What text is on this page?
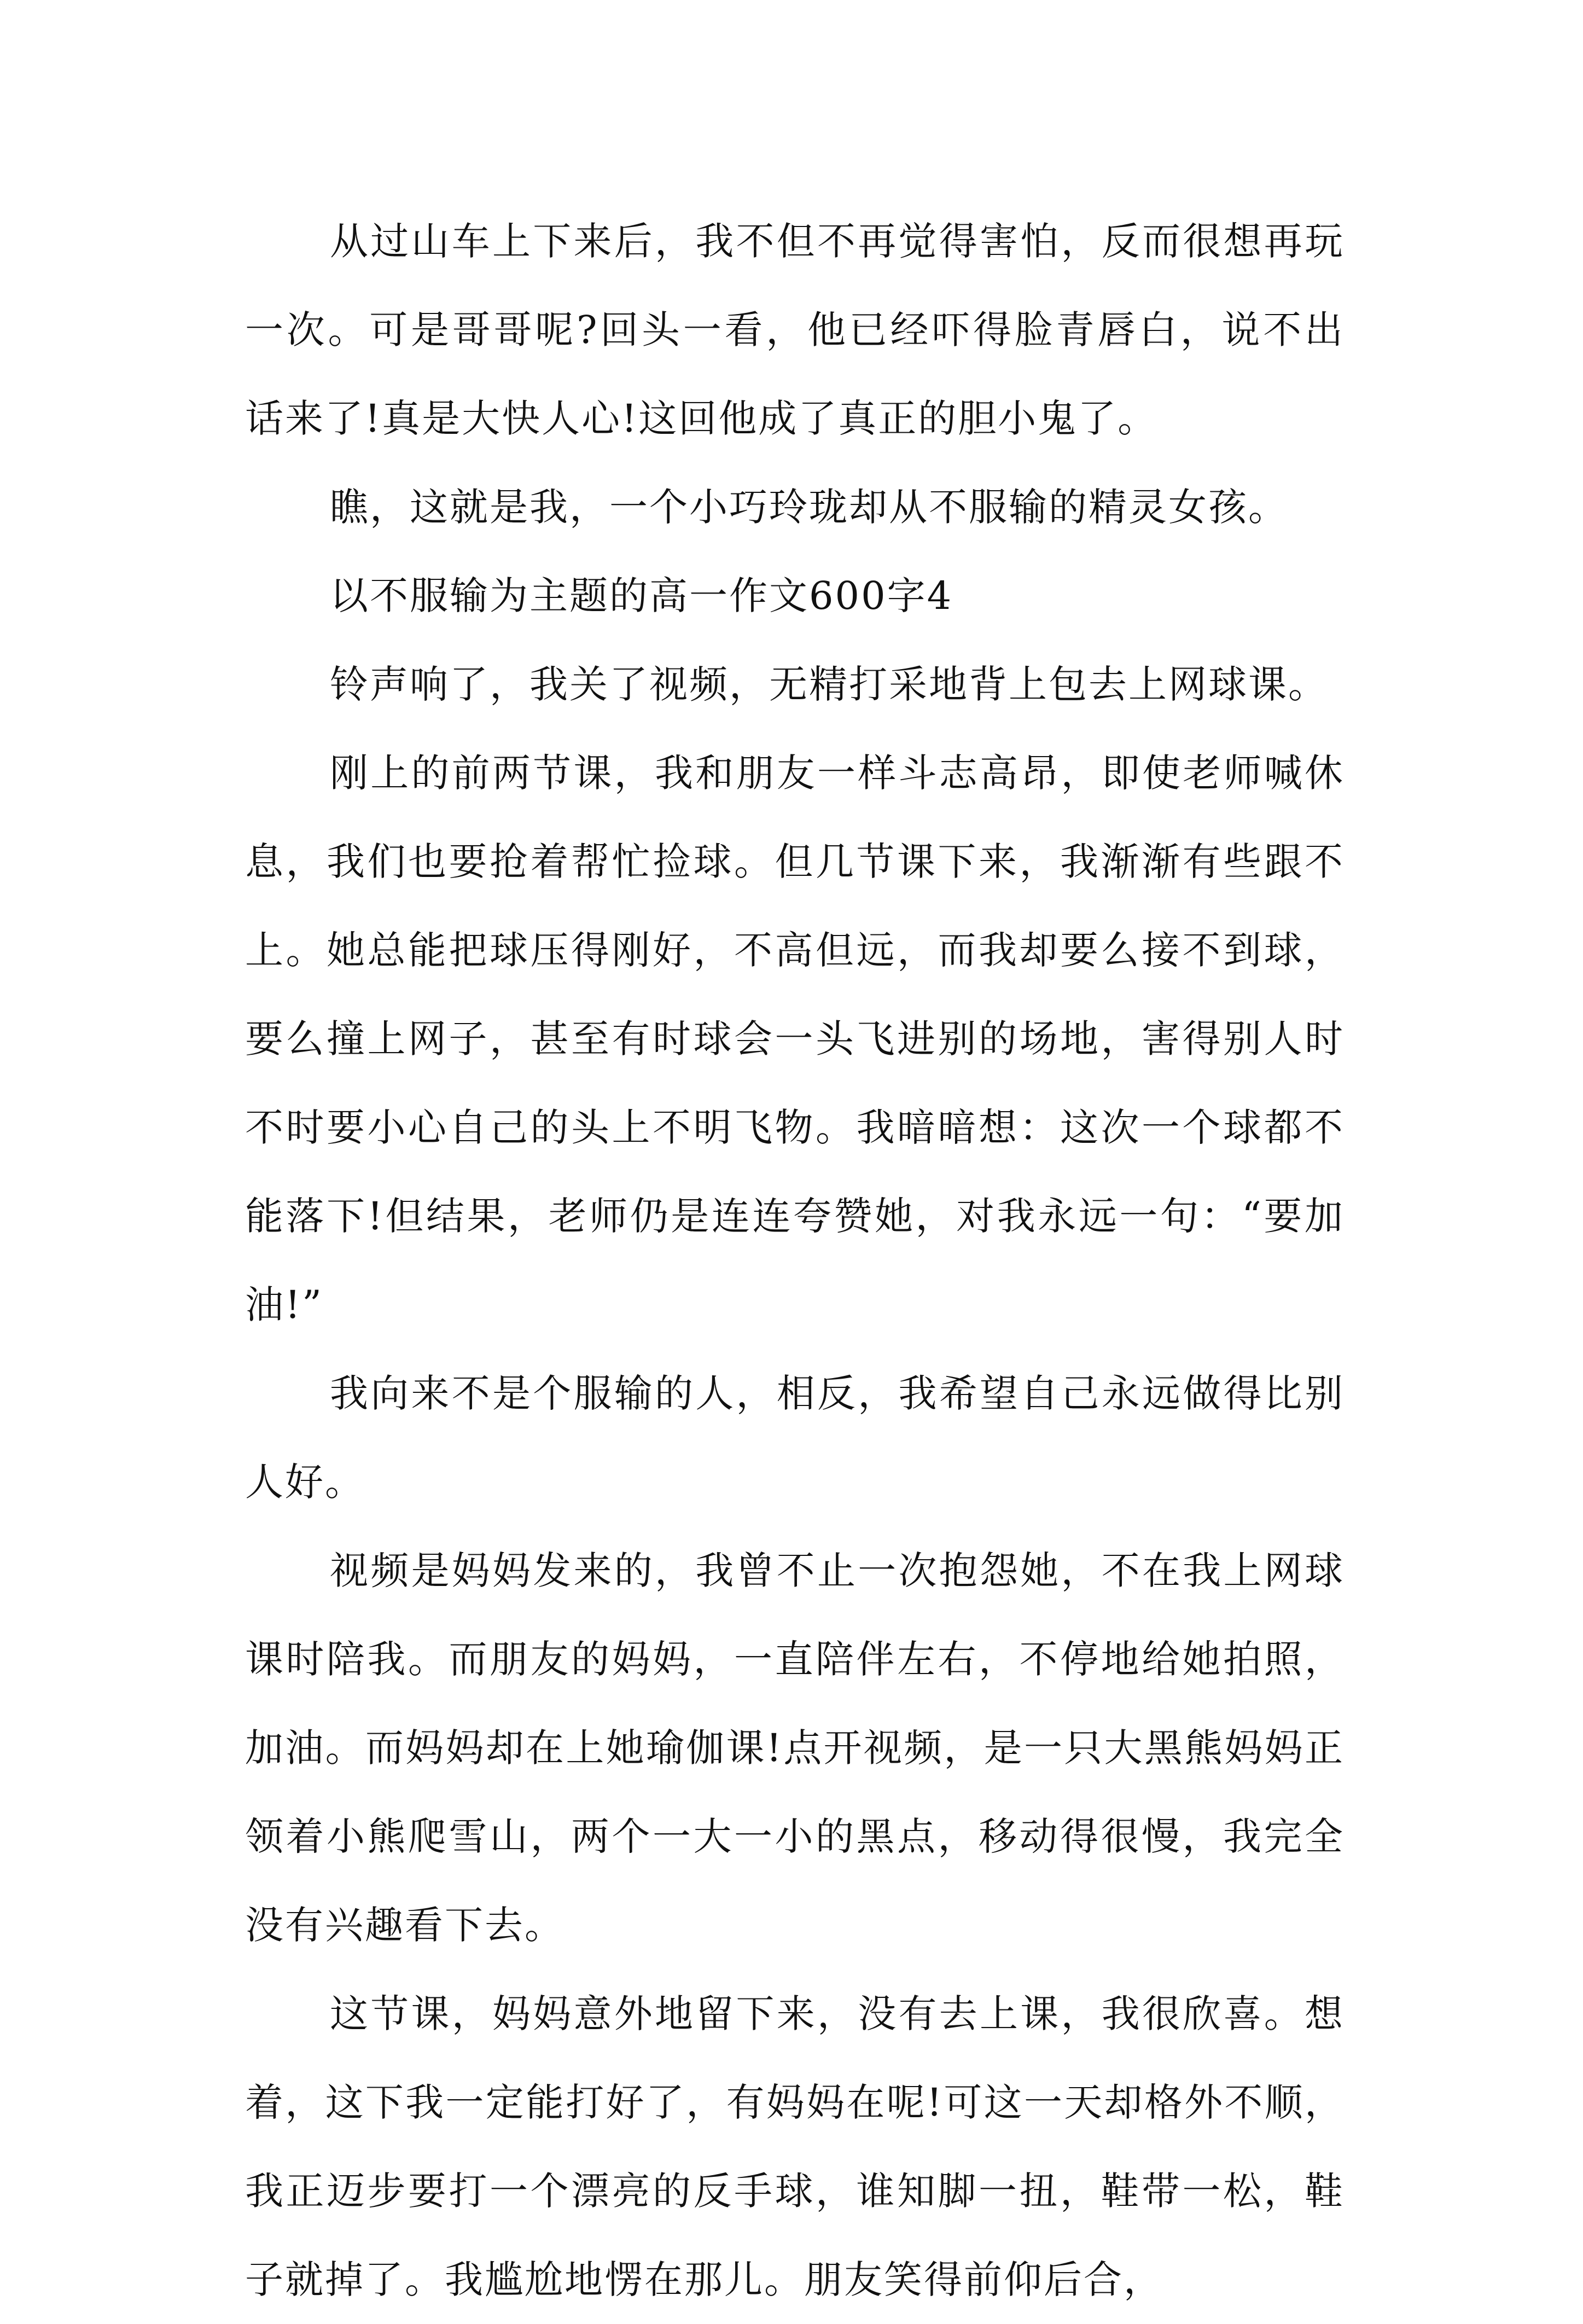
从过山车上下来后，我不但不再觉得害怕，反而很想再玩一次。可是哥哥呢?回头一看，他已经吓得脸青唇白，说不出话来了!真是大快人心!这回他成了真正的胆小鬼了。

瞧，这就是我，一个小巧玲珑却从不服输的精灵女孩。

以不服输为主题的高一作文600字4

铃声响了，我关了视频，无精打采地背上包去上网球课。

刚上的前两节课，我和朋友一样斗志高昂，即使老师喊休息，我们也要抢着帮忙捡球。但几节课下来，我渐渐有些跟不上。她总能把球压得刚好，不高但远，而我却要么接不到球，要么撞上网子，甚至有时球会一头飞进别的场地，害得别人时不时要小心自己的头上不明飞物。我暗暗想：这次一个球都不能落下!但结果，老师仍是连连夸赞她，对我永远一句：“要加油!”

我向来不是个服输的人，相反，我希望自己永远做得比别人好。

视频是妈妈发来的，我曾不止一次抱怨她，不在我上网球课时陪我。而朋友的妈妈，一直陪伴左右，不停地给她拍照，加油。而妈妈却在上她瑜伽课!点开视频，是一只大黑熊妈妈正领着小熊爬雪山，两个一大一小的黑点，移动得很慢，我完全没有兴趣看下去。

这节课，妈妈意外地留下来，没有去上课，我很欣喜。想着，这下我一定能打好了，有妈妈在呢!可这一天却格外不顺，我正迈步要打一个漂亮的反手球，谁知脚一扭，鞋带一松，鞋子就掉了。我尴尬地愣在那儿。朋友笑得前仰后合，
